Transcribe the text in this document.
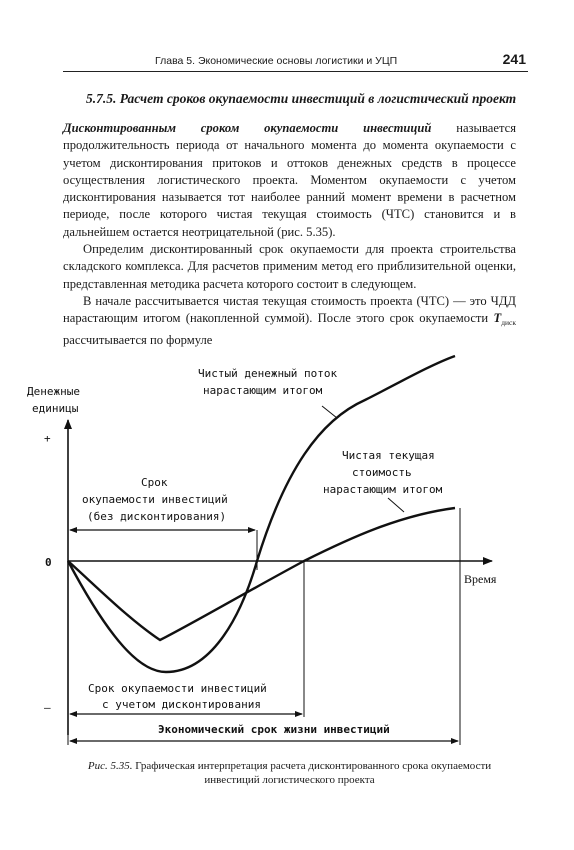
Глава 5. Экономические основы логистики и УЦП	241
5.7.5. Расчет сроков окупаемости инвестиций в логистический проект

Дисконтированным сроком окупаемости инвестиций называется продолжительность периода от начального момента до момента окупаемости с учетом дисконтирования притоков и оттоков денежных средств в процессе осуществления логистического проекта. Моментом окупаемости с учетом дисконтирования называется тот наиболее ранний момент времени в расчетном периоде, после которого чистая текущая стоимость (ЧТС) становится и в дальнейшем остается неотрицательной (рис. 5.35).

Определим дисконтированный срок окупаемости для проекта строительства складского комплекса. Для расчетов применим метод его приблизительной оценки, представленная методика расчета которого состоит в следующем.

В начале рассчитывается чистая текущая стоимость проекта (ЧТС) — это ЧДД нарастающим итогом (накопленной суммой). После этого срок окупаемости $T_{диск}$ рассчитывается по формуле

+
0
–
Денежные
единицы
Время
Чистый денежный поток
нарастающим итогом
Чистая текущая
стоимость
нарастающим итогом
Срок
окупаемости инвестиций
(без дисконтирования)
Срок окупаемости инвестиций
с учетом дисконтирования
Экономический срок жизни инвестиций

Рис. 5.35. Графическая интерпретация расчета дисконтированного срока окупаемости инвестиций логистического проекта
